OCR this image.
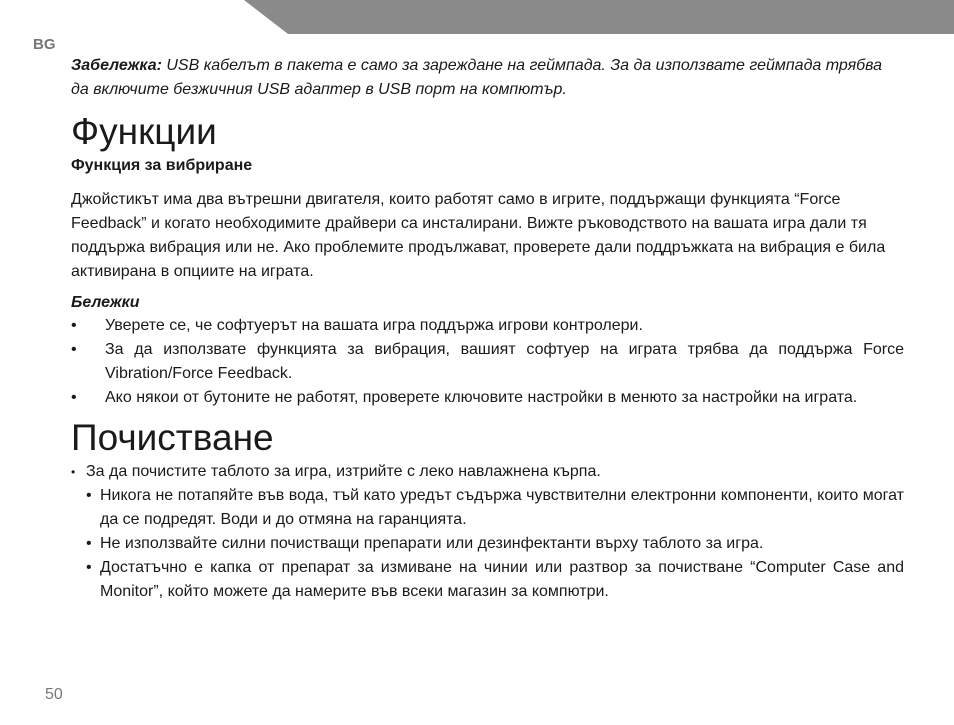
BG

Забележка: USB кабелът в пакета е само за зареждане на геймпада. За да използвате геймпада трябва да включите безжичния USB адаптер в USB порт на компютър.

Функции
Функция за вибриране

Джойстикът има два вътрешни двигателя, които работят само в игрите, поддържащи функцията “Force Feedback” и когато необходимите драйвери са инсталирани. Вижте ръководството на вашата игра дали тя поддържа вибрация или не. Ако проблемите продължават, проверете дали поддръжката на вибрация е била активирана в опциите на играта.

Бележки
• Уверете се, че софтуерът на вашата игра поддържа игрови контролери.
• За да използвате функцията за вибрация, вашият софтуер на играта трябва да поддържа Force Vibration/Force Feedback.
• Ако някои от бутоните не работят, проверете ключовите настройки в менюто за настройки на играта.
Почистване
• За да почистите таблото за игра, изтрийте с леко навлажнена кърпа.
• Никога не потапяйте във вода, тъй като уредът съдържа чувствителни електронни компоненти, които могат да се подредят. Води и до отмяна на гаранцията.
• Не използвайте силни почистващи препарати или дезинфектанти върху таблото за игра.
• Достатъчно е капка от препарат за измиване на чинии или разтвор за почистване “Computer Case and Monitor”, който можете да намерите във всеки магазин за компютри.
50
